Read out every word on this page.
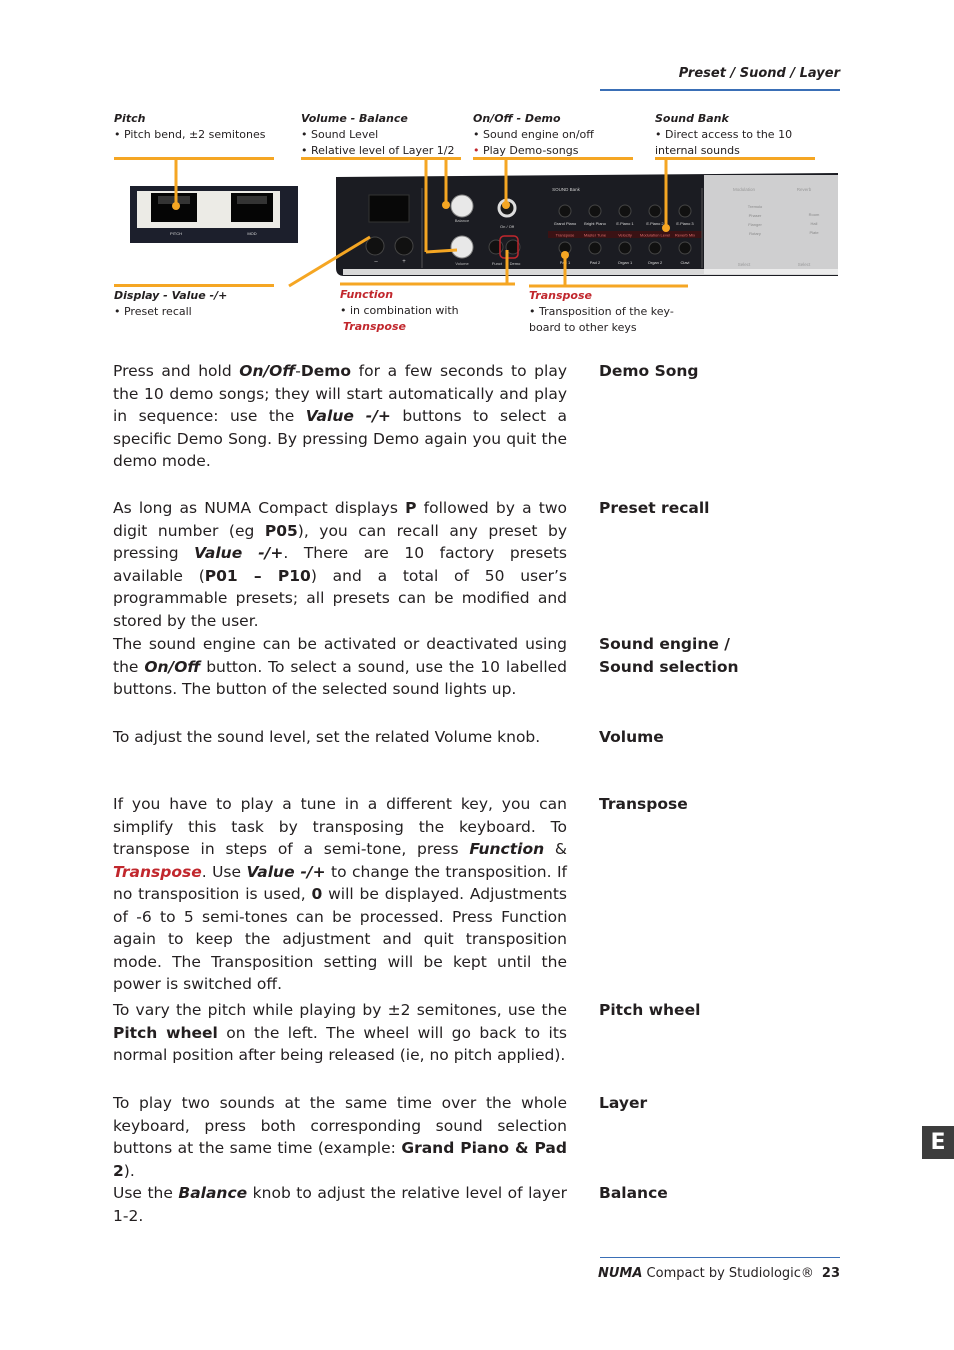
Preset / Suond / Layer
Pitch
• Pitch bend, ±2 semitones
Volume - Balance
• Sound Level
• Relative level of Layer 1/2
On/Off - Demo
• Sound engine on/off
• Play Demo-songs
Sound Bank
• Direct access to the 10
internal sounds
PITCH	MOD
–	+
Balance
Volume
On / Off
Funct Demo
SOUND Bank
Grand Piano Bright Piano	E.Piano 1	E.Piano 2	E.Piano 3
Pad 1	Pad 2	Organ 1	Organ 2	Clavi
Transpose Master Tune	Velocity Modulation Level Reverb Mix
Modulation	Reverb
Tremolo
Phaser
Flanger
Rotary
Room
Hall
Plate
Select	Select
Display - Value -/+
• Preset recall
Function
• in combination with
Transpose
Transpose
• Transposition of the key-
board to other keys
Press and hold On/Off-Demo for a few seconds to play the 10 demo songs; they will start automatically and play in sequence: use the Value -/+ buttons to select a specific Demo Song. By pressing Demo again you quit the demo mode.
Demo Song
As long as NUMA Compact displays P followed by a two digit number (eg P05), you can recall any preset by pressing Value -/+. There are 10 factory presets available (P01 – P10) and a total of 50 user’s programmable presets; all presets can be modified and stored by the user.
Preset recall
The sound engine can be activated or deactivated using the On/Off button. To select a sound, use the 10 labelled buttons. The button of the selected sound lights up.
Sound engine /
Sound selection
To adjust the sound level, set the related Volume knob.	Volume
If you have to play a tune in a different key, you can simplify this task by transposing the keyboard. To transpose in steps of a semi-tone, press Function & Transpose. Use Value -/+ to change the transposition. If no transposition is used, 0 will be displayed. Adjustments of -6 to 5 semi-tones can be processed. Press Function again to keep the adjustment and quit transposition mode. The Transposition setting will be kept until the power is switched off.
Transpose
To vary the pitch while playing by ±2 semitones, use the Pitch wheel on the left. The wheel will go back to its normal position after being released (ie, no pitch applied).
Pitch wheel
To play two sounds at the same time over the whole keyboard, press both corresponding sound selection buttons at the same time (example: Grand Piano & Pad 2).
Layer
Use the Balance knob to adjust the relative level of layer 1-2.
Balance
E
NUMA Compact by Studiologic® 23
